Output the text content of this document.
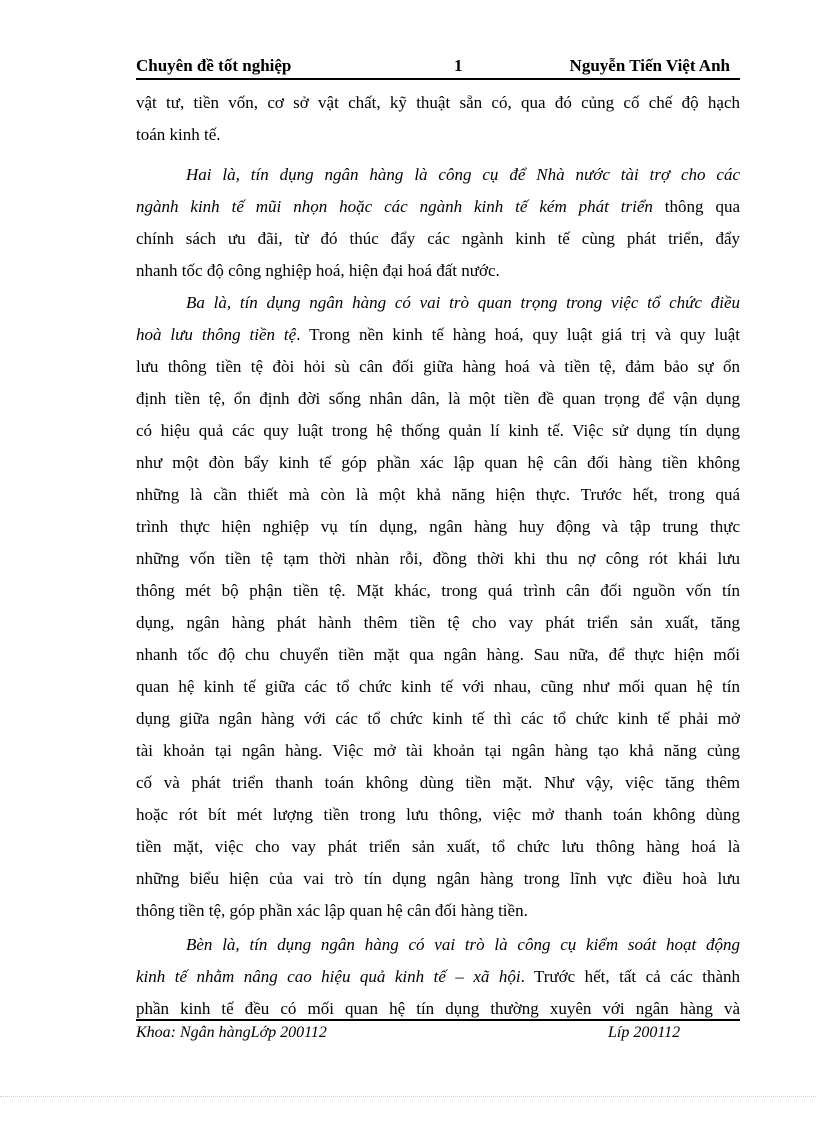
Chuyên đề tốt nghiệp	1	Nguyễn Tiến Việt Anh
vật tư, tiền vốn, cơ sở vật chất, kỹ thuật sẵn có, qua đó củng cố chế độ hạch
toán kinh tế.
Hai là, tín dụng ngân hàng là công cụ để Nhà nước tài trợ cho các
ngành kinh tế mũi nhọn hoặc các ngành kinh tế kém phát triển thông qua
chính sách ưu đãi, từ đó thúc đẩy các ngành kinh tế cùng phát triển, đẩy
nhanh tốc độ công nghiệp hoá, hiện đại hoá đất nước.
Ba là, tín dụng ngân hàng có vai trò quan trọng trong việc tổ chức điều
hoà lưu thông tiền tệ. Trong nền kinh tế hàng hoá, quy luật giá trị và quy luật
lưu thông tiền tệ đòi hỏi sù cân đối giữa hàng hoá và tiền tệ, đảm bảo sự ổn
định tiền tệ, ổn định đời sống nhân dân, là một tiền đề quan trọng để vận dụng
có hiệu quả các quy luật trong hệ thống quản lí kinh tế. Việc sử dụng tín dụng
như một đòn bẩy kinh tế góp phần xác lập quan hệ cân đối hàng tiền không
những là cần thiết mà còn là một khả năng hiện thực. Trước hết, trong quá
trình thực hiện nghiệp vụ tín dụng, ngân hàng huy động và tập trung thực
những vốn tiền tệ tạm thời nhàn rỗi, đồng thời khi thu nợ công rót khái lưu
thông mét bộ phận tiền tệ. Mặt khác, trong quá trình cân đối nguồn vốn tín
dụng, ngân hàng phát hành thêm tiền tệ cho vay phát triển sản xuất, tăng
nhanh tốc độ chu chuyển tiền mặt qua ngân hàng. Sau nữa, để thực hiện mối
quan hệ kinh tế giữa các tổ chức kinh tế với nhau, cũng như mối quan hệ tín
dụng giữa ngân hàng với các tổ chức kinh tế thì các tổ chức kinh tế phải mở
tài khoản tại ngân hàng. Việc mở tài khoản tại ngân hàng tạo khả năng củng
cố và phát triển thanh toán không dùng tiền mặt. Như vậy, việc tăng thêm
hoặc rót bít mét lượng tiền trong lưu thông, việc mở thanh toán không dùng
tiền mặt, việc cho vay phát triển sản xuất, tổ chức lưu thông hàng hoá là
những biểu hiện của vai trò tín dụng ngân hàng trong lĩnh vực điều hoà lưu
thông tiền tệ, góp phần xác lập quan hệ cân đối hàng tiền.
Bèn là, tín dụng ngân hàng có vai trò là công cụ kiểm soát hoạt động
kinh tế nhằm nâng cao hiệu quả kinh tế – xã hội. Trước hết, tất cả các thành
phần kinh tế đều có mối quan hệ tín dụng thường xuyên với ngân hàng và
Khoa: Ngân hàngLớp 200112	Líp 200112
